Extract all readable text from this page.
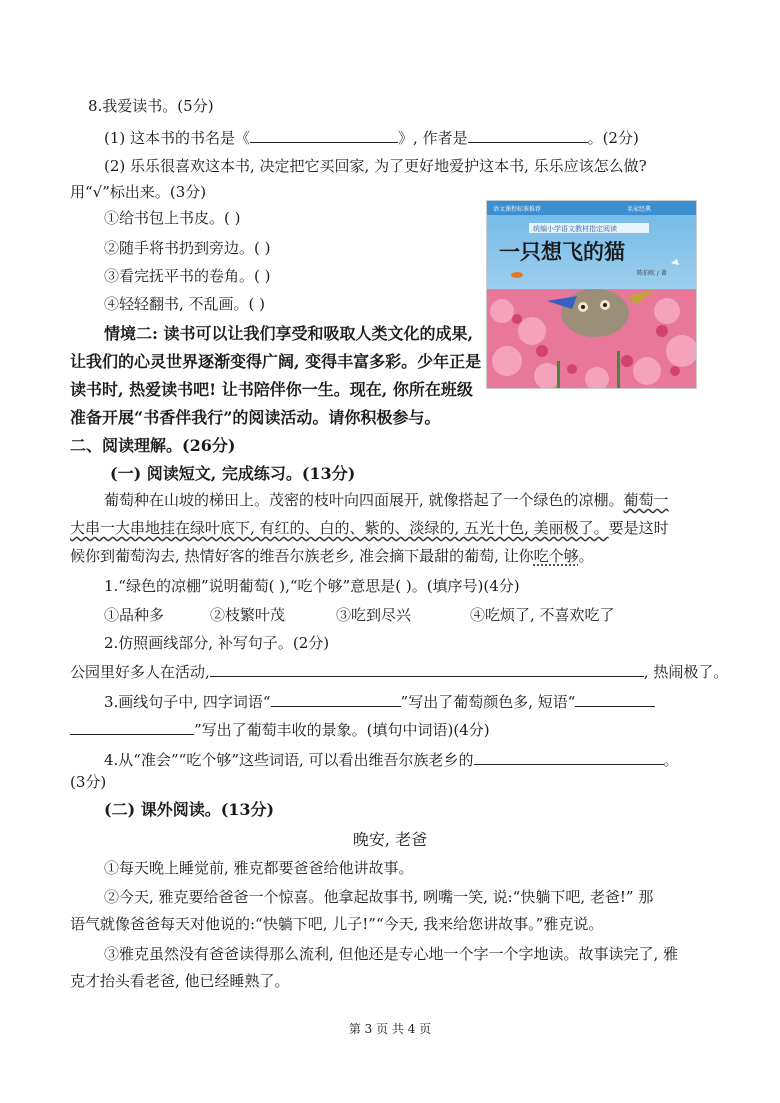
8.我爱读书。(5分)
(1) 这本书的书名是《	》, 作者是	。(2分)
(2) 乐乐很喜欢这本书, 决定把它买回家, 为了更好地爱护这本书, 乐乐应该怎么做?
用“√”标出来。(3分)
①给书包上书皮。( )
②随手将书扔到旁边。( )
③看完抚平书的卷角。( )
④轻轻翻书, 不乱画。( )
语文课程标准推荐	名家经典
统编小学语文教材指定阅读
一只想飞的猫
陈伯吹 / 著
情境二: 读书可以让我们享受和吸取人类文化的成果,
让我们的心灵世界逐渐变得广阔, 变得丰富多彩。少年正是
读书时, 热爱读书吧! 让书陪伴你一生。现在, 你所在班级
准备开展“书香伴我行”的阅读活动。请你积极参与。
二、阅读理解。(26分)
(一) 阅读短文, 完成练习。(13分)
葡萄种在山坡的梯田上。茂密的枝叶向四面展开, 就像搭起了一个绿色的凉棚。葡萄一
大串一大串地挂在绿叶底下, 有红的、白的、紫的、淡绿的, 五光十色, 美丽极了。要是这时
候你到葡萄沟去, 热情好客的维吾尔族老乡, 准会摘下最甜的葡萄, 让你吃个够。
1.“绿色的凉棚”说明葡萄( ),“吃个够”意思是( )。(填序号)(4分)
①品种多	②枝繁叶茂	③吃到尽兴	④吃烦了, 不喜欢吃了
2.仿照画线部分, 补写句子。(2分)
公园里好多人在活动,	, 热闹极了。
3.画线句子中, 四字词语“	”写出了葡萄颜色多, 短语“
”写出了葡萄丰收的景象。(填句中词语)(4分)
4.从“准会”“吃个够”这些词语, 可以看出维吾尔族老乡的	。
(3分)
(二) 课外阅读。(13分)
晚安, 老爸
①每天晚上睡觉前, 雅克都要爸爸给他讲故事。
②今天, 雅克要给爸爸一个惊喜。他拿起故事书, 咧嘴一笑, 说:“快躺下吧, 老爸!” 那
语气就像爸爸每天对他说的:“快躺下吧, 儿子!”“今天, 我来给您讲故事。”雅克说。
③雅克虽然没有爸爸读得那么流利, 但他还是专心地一个字一个字地读。故事读完了, 雅
克才抬头看老爸, 他已经睡熟了。
第 3 页 共 4 页
